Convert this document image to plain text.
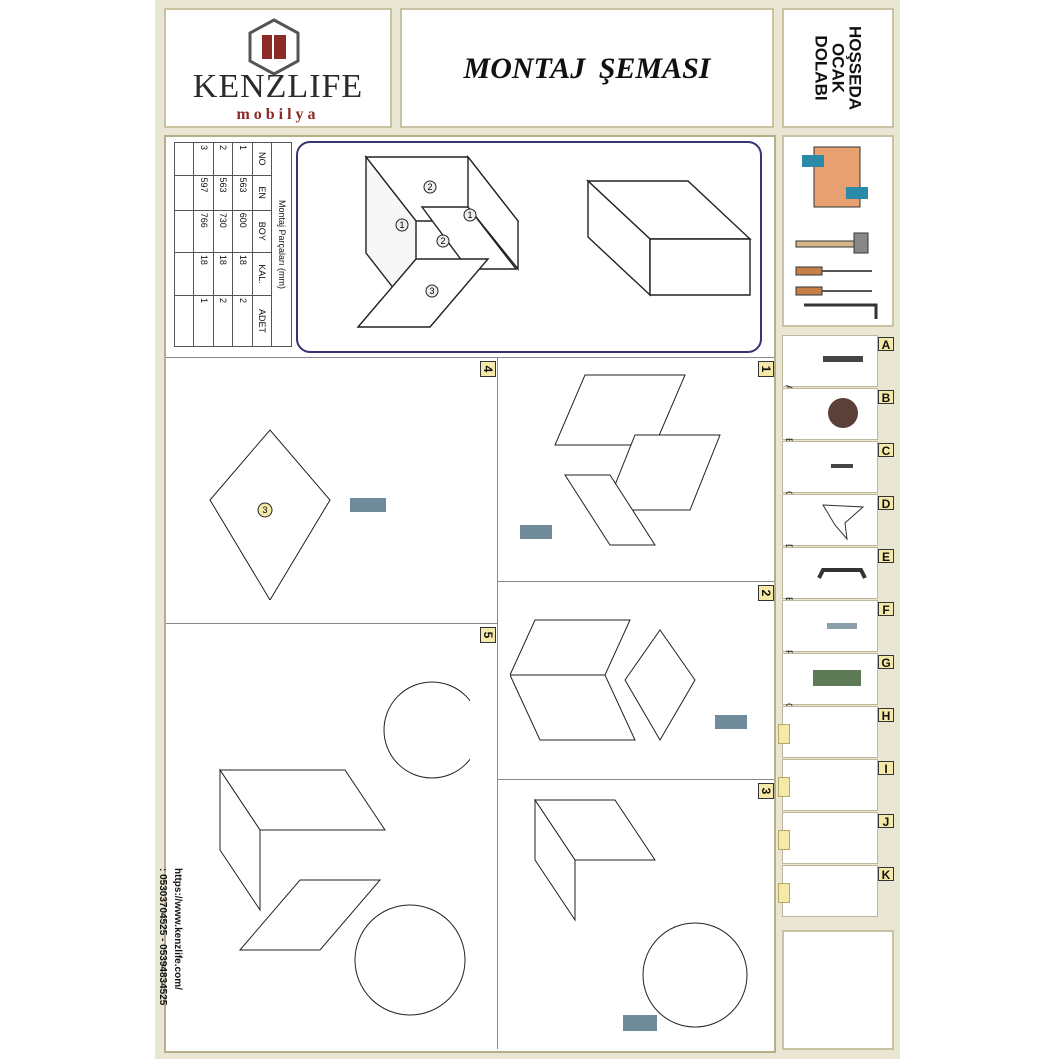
KENZLIFE
mobilya
MONTAJ ŞEMASI	HOŞSEDA
OCAK
DOLABI
Montaj Parçaları (mm)				
NO	EN	BOY	KAL.	ADET
1	563	600	18	2
2	563	730	18	2
3	597	766	18	1

2
1
1
2
3
4	1
2
3
5
3
A
B
C
D
E
F
G
H
I
J
K
https://www.kenzlife.com/
: 05303704525 - 05394834525
